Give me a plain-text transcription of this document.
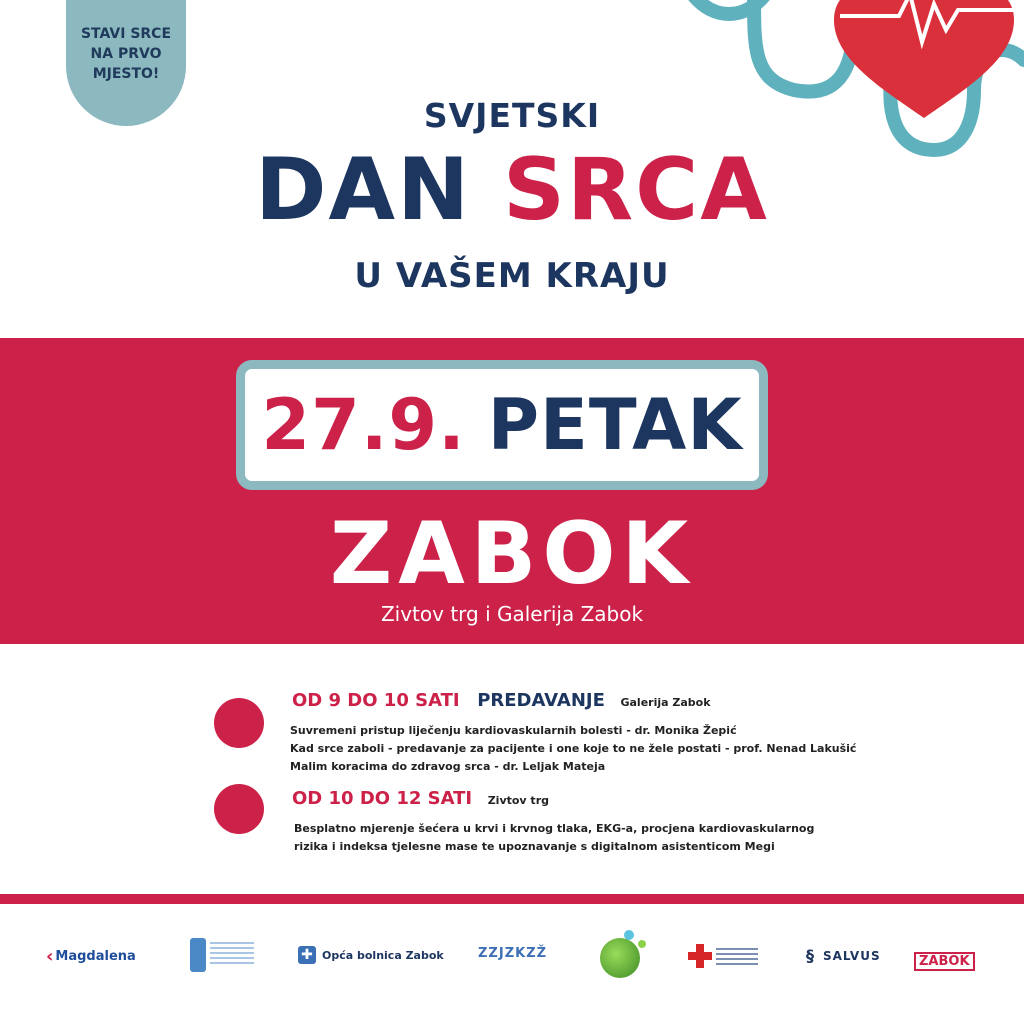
STAVI SRCE
NA PRVO
MJESTO!
SVJETSKI
DAN SRCA
U VAŠEM KRAJU
27.9. PETAK
ZABOK
Zivtov trg i Galerija Zabok
OD 9 DO 10 SATI PREDAVANJE Galerija Zabok
Suvremeni pristup liječenju kardiovaskularnih bolesti - dr. Monika Žepić
Kad srce zaboli - predavanje za pacijente i one koje to ne žele postati - prof. Nenad Lakušić
Malim koracima do zdravog srca - dr. Leljak Mateja
OD 10 DO 12 SATI Zivtov trg
Besplatno mjerenje šećera u krvi i krvnog tlaka, EKG-a, procjena kardiovaskularnog
rizika i indeksa tjelesne mase te upoznavanje s digitalnom asistenticom Megi
‹ Magdalena	✚ Opća bolnica Zabok	ZZJZKZŽ	§ SALVUS	ZABOK
